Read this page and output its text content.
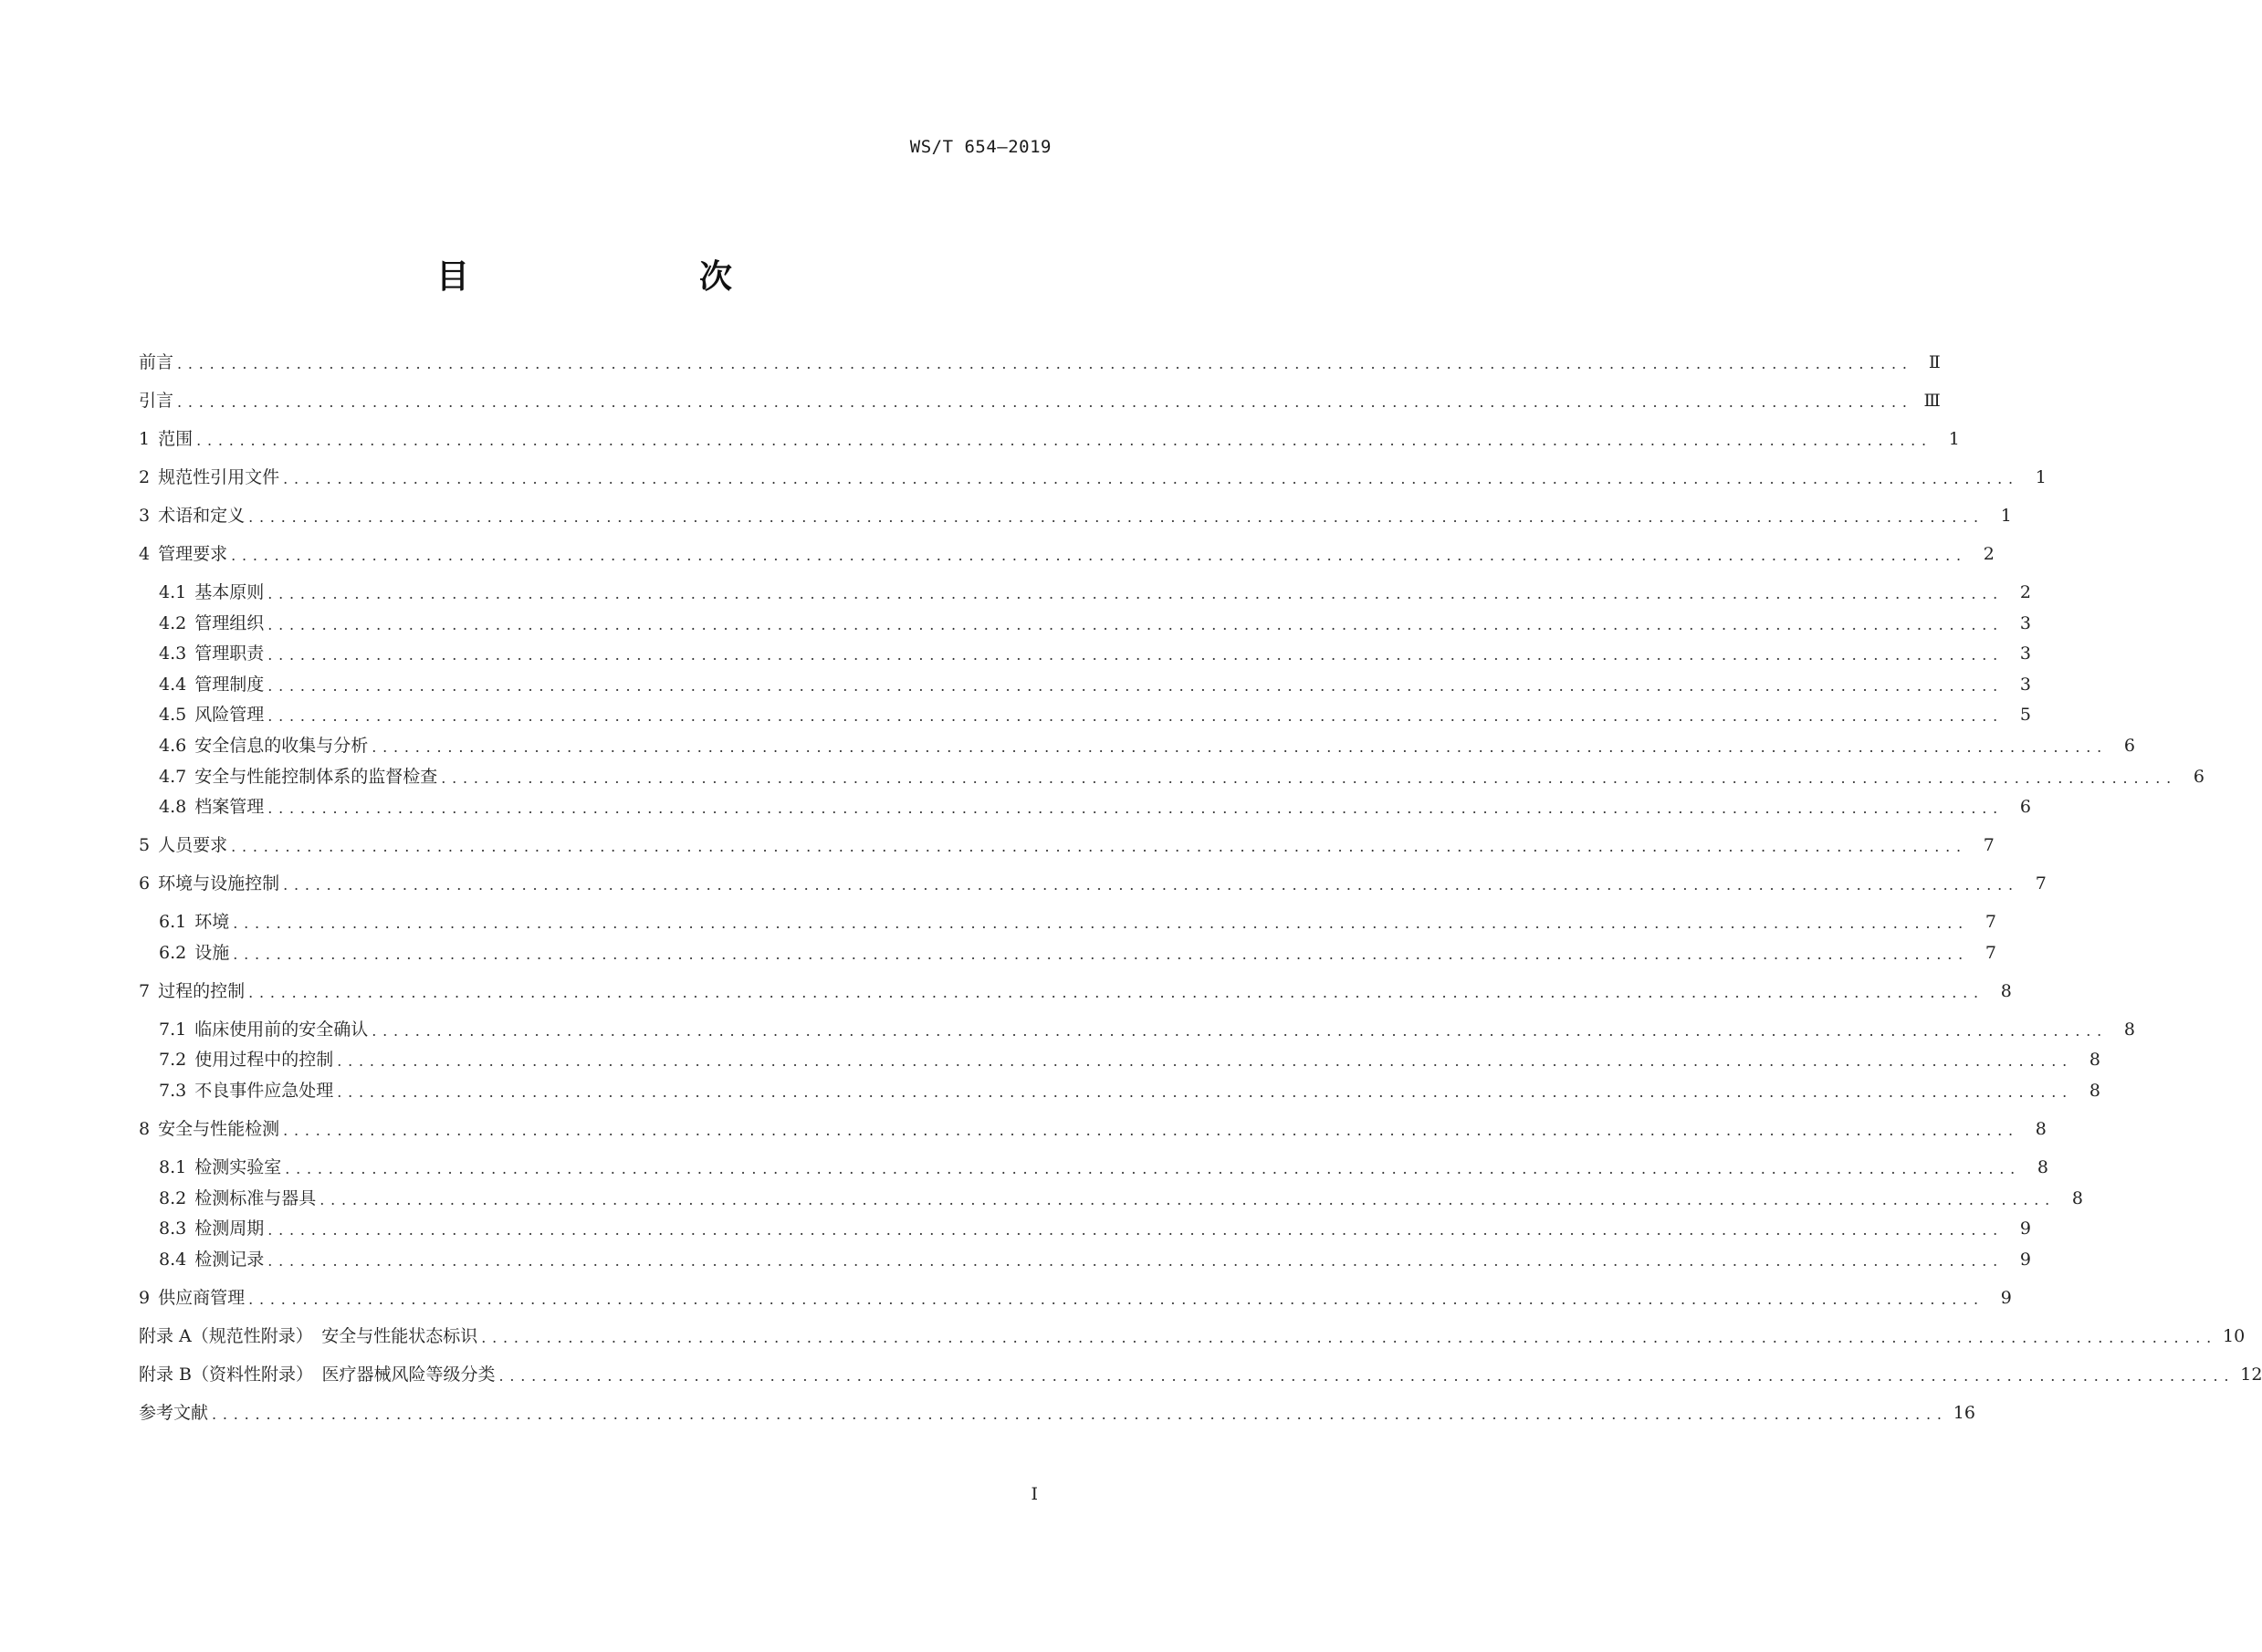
WS/T 654—2019
目　　次
前言 ................................................................................................................................................................ Ⅱ
引言 ................................................................................................................................................................ Ⅲ
1 范围 ................................................................................................................................................................ 1
2 规范性引用文件 ................................................................................................................................................................ 1
3 术语和定义 ................................................................................................................................................................ 1
4 管理要求 ................................................................................................................................................................ 2
4.1 基本原则 ................................................................................................................................................................ 2
4.2 管理组织 ................................................................................................................................................................ 3
4.3 管理职责 ................................................................................................................................................................ 3
4.4 管理制度 ................................................................................................................................................................ 3
4.5 风险管理 ................................................................................................................................................................ 5
4.6 安全信息的收集与分析 ................................................................................................................................................................ 6
4.7 安全与性能控制体系的监督检查 ................................................................................................................................................................ 6
4.8 档案管理 ................................................................................................................................................................ 6
5 人员要求 ................................................................................................................................................................ 7
6 环境与设施控制 ................................................................................................................................................................ 7
6.1 环境 ................................................................................................................................................................ 7
6.2 设施 ................................................................................................................................................................ 7
7 过程的控制 ................................................................................................................................................................ 8
7.1 临床使用前的安全确认 ................................................................................................................................................................ 8
7.2 使用过程中的控制 ................................................................................................................................................................ 8
7.3 不良事件应急处理 ................................................................................................................................................................ 8
8 安全与性能检测 ................................................................................................................................................................ 8
8.1 检测实验室 ................................................................................................................................................................ 8
8.2 检测标准与器具 ................................................................................................................................................................ 8
8.3 检测周期 ................................................................................................................................................................ 9
8.4 检测记录 ................................................................................................................................................................ 9
9 供应商管理 ................................................................................................................................................................ 9
附录 A（规范性附录）　安全与性能状态标识 ................................................................................................................................................................ 10
附录 B（资料性附录）　医疗器械风险等级分类 ................................................................................................................................................................ 12
参考文献 ................................................................................................................................................................ 16
I
